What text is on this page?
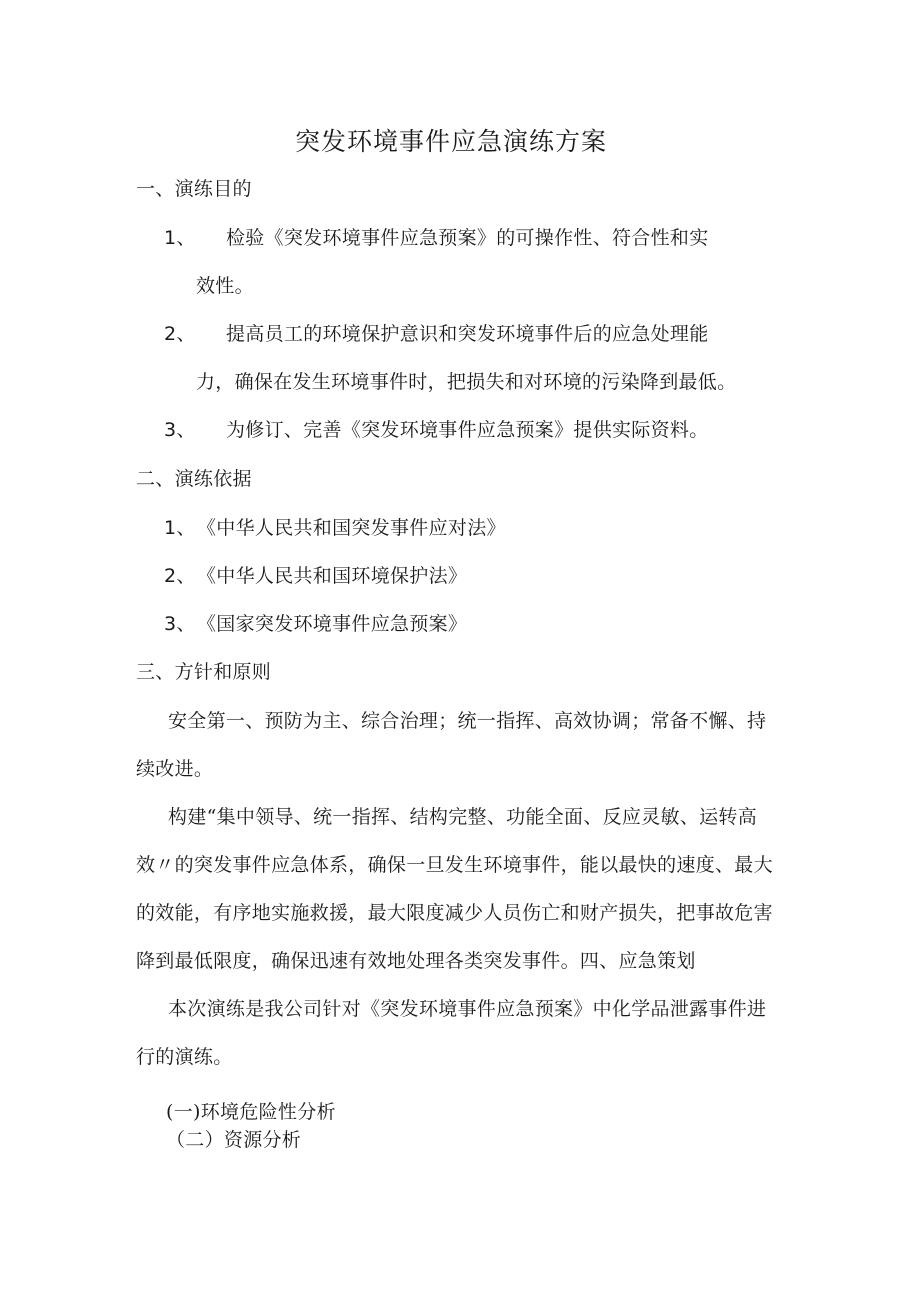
突发环境事件应急演练方案
一、演练目的
1、 检验《突发环境事件应急预案》的可操作性、符合性和实
效性。
2、 提高员工的环境保护意识和突发环境事件后的应急处理能
力，确保在发生环境事件时，把损失和对环境的污染降到最低。
3、 为修订、完善《突发环境事件应急预案》提供实际资料。
二、演练依据
1、 《中华人民共和国突发事件应对法》
2、 《中华人民共和国环境保护法》
3、 《国家突发环境事件应急预案》
三、方针和原则
安全第一、预防为主、综合治理；统一指挥、高效协调；常备不懈、持
续改进。
构建“集中领导、统一指挥、结构完整、功能全面、反应灵敏、运转高
效〃的突发事件应急体系，确保一旦发生环境事件，能以最快的速度、最大
的效能，有序地实施救援，最大限度减少人员伤亡和财产损失，把事故危害
降到最低限度，确保迅速有效地处理各类突发事件。四、应急策划
本次演练是我公司针对《突发环境事件应急预案》中化学品泄露事件进
行的演练。
(一)环境危险性分析
（二）资源分析
